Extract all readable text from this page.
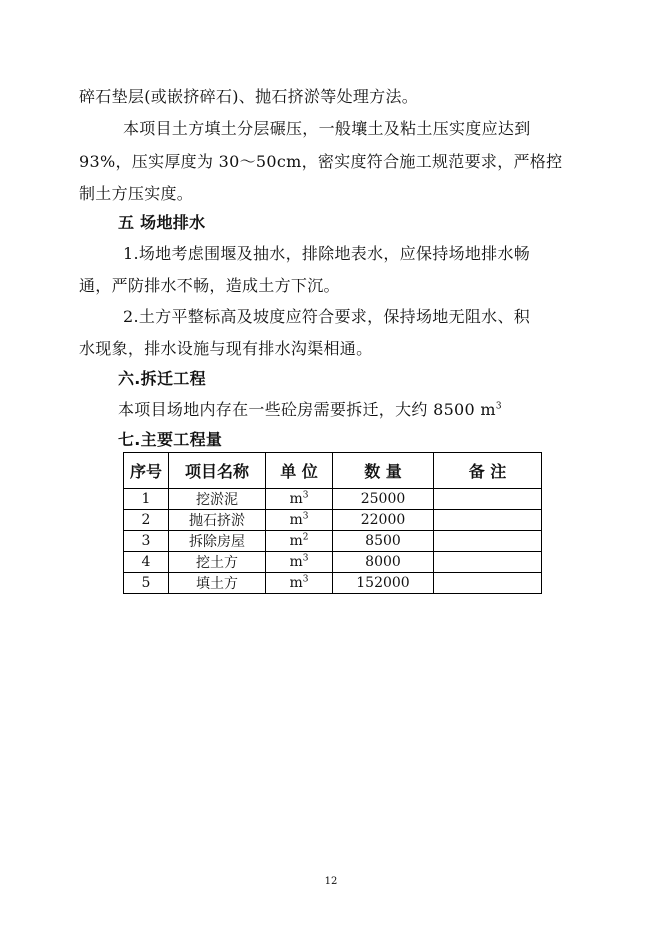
碎石垫层(或嵌挤碎石)、抛石挤淤等处理方法。
本项目土方填土分层碾压，一般壤土及粘土压实度应达到
93%，压实厚度为 30～50cm，密实度符合施工规范要求，严格控
制土方压实度。
五 场地排水
1.场地考虑围堰及抽水，排除地表水，应保持场地排水畅
通，严防排水不畅，造成土方下沉。
2.土方平整标高及坡度应符合要求，保持场地无阻水、积
水现象，排水设施与现有排水沟渠相通。
六.拆迁工程
本项目场地内存在一些砼房需要拆迁，大约 8500 $m^3$
七.主要工程量
序号	项目名称	单 位	数 量	备 注
1	挖淤泥	$m^3$	25000	
2	抛石挤淤	$m^3$	22000	
3	拆除房屋	$m^2$	8500	
4	挖土方	$m^3$	8000	
5	填土方	$m^3$	152000	
12
